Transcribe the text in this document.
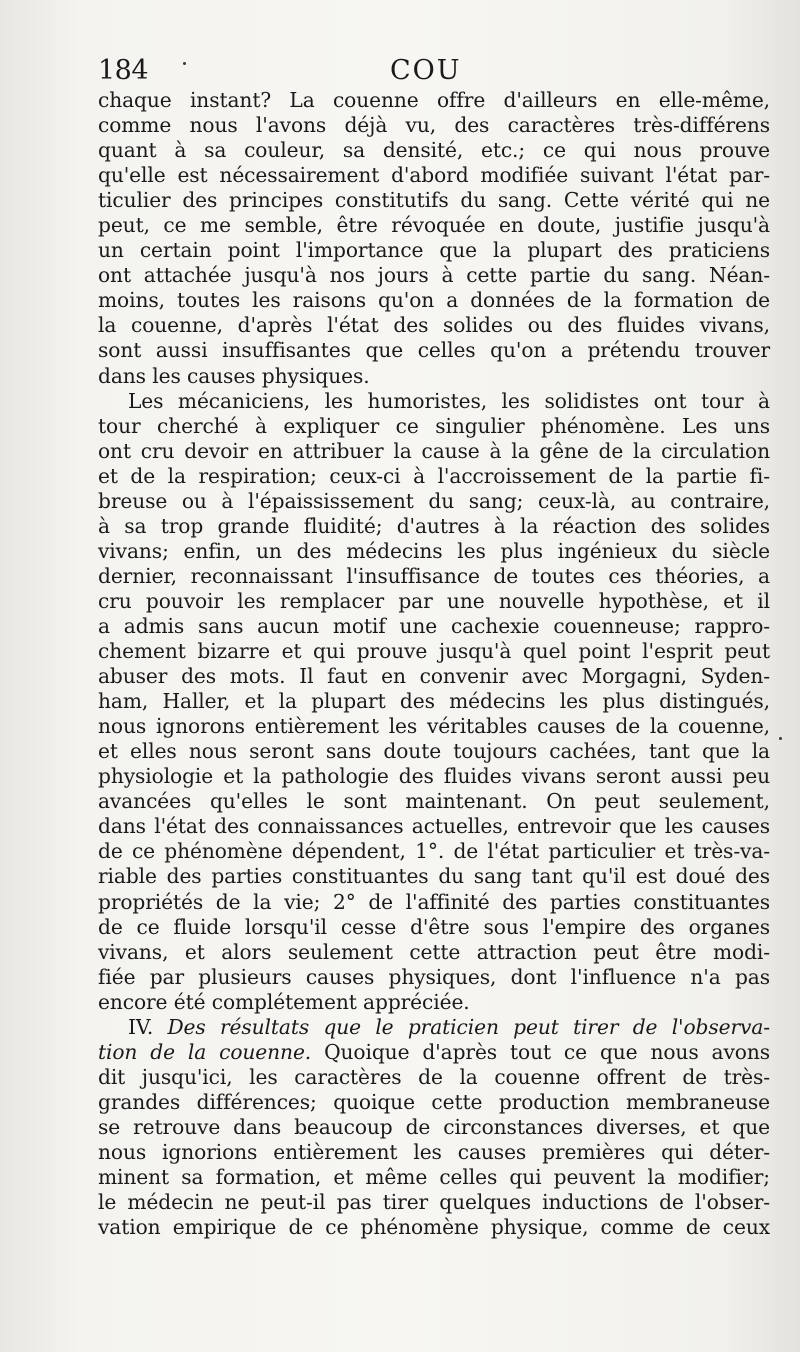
184	COU
chaque instant? La couenne offre d'ailleurs en elle-même,
comme nous l'avons déjà vu, des caractères très-différens
quant à sa couleur, sa densité, etc.; ce qui nous prouve
qu'elle est nécessairement d'abord modifiée suivant l'état par-
ticulier des principes constitutifs du sang. Cette vérité qui ne
peut, ce me semble, être révoquée en doute, justifie jusqu'à
un certain point l'importance que la plupart des praticiens
ont attachée jusqu'à nos jours à cette partie du sang. Néan-
moins, toutes les raisons qu'on a données de la formation de
la couenne, d'après l'état des solides ou des fluides vivans,
sont aussi insuffisantes que celles qu'on a prétendu trouver
dans les causes physiques.
Les mécaniciens, les humoristes, les solidistes ont tour à
tour cherché à expliquer ce singulier phénomène. Les uns
ont cru devoir en attribuer la cause à la gêne de la circulation
et de la respiration; ceux-ci à l'accroissement de la partie fi-
breuse ou à l'épaississement du sang; ceux-là, au contraire,
à sa trop grande fluidité; d'autres à la réaction des solides
vivans; enfin, un des médecins les plus ingénieux du siècle
dernier, reconnaissant l'insuffisance de toutes ces théories, a
cru pouvoir les remplacer par une nouvelle hypothèse, et il
a admis sans aucun motif une cachexie couenneuse; rappro-
chement bizarre et qui prouve jusqu'à quel point l'esprit peut
abuser des mots. Il faut en convenir avec Morgagni, Syden-
ham, Haller, et la plupart des médecins les plus distingués,
nous ignorons entièrement les véritables causes de la couenne,
et elles nous seront sans doute toujours cachées, tant que la
physiologie et la pathologie des fluides vivans seront aussi peu
avancées qu'elles le sont maintenant. On peut seulement,
dans l'état des connaissances actuelles, entrevoir que les causes
de ce phénomène dépendent, 1°. de l'état particulier et très-va-
riable des parties constituantes du sang tant qu'il est doué des
propriétés de la vie; 2° de l'affinité des parties constituantes
de ce fluide lorsqu'il cesse d'être sous l'empire des organes
vivans, et alors seulement cette attraction peut être modi-
fiée par plusieurs causes physiques, dont l'influence n'a pas
encore été complétement appréciée.
IV. Des résultats que le praticien peut tirer de l'observa-
tion de la couenne. Quoique d'après tout ce que nous avons
dit jusqu'ici, les caractères de la couenne offrent de très-
grandes différences; quoique cette production membraneuse
se retrouve dans beaucoup de circonstances diverses, et que
nous ignorions entièrement les causes premières qui déter-
minent sa formation, et même celles qui peuvent la modifier;
le médecin ne peut-il pas tirer quelques inductions de l'obser-
vation empirique de ce phénomène physique, comme de ceux
